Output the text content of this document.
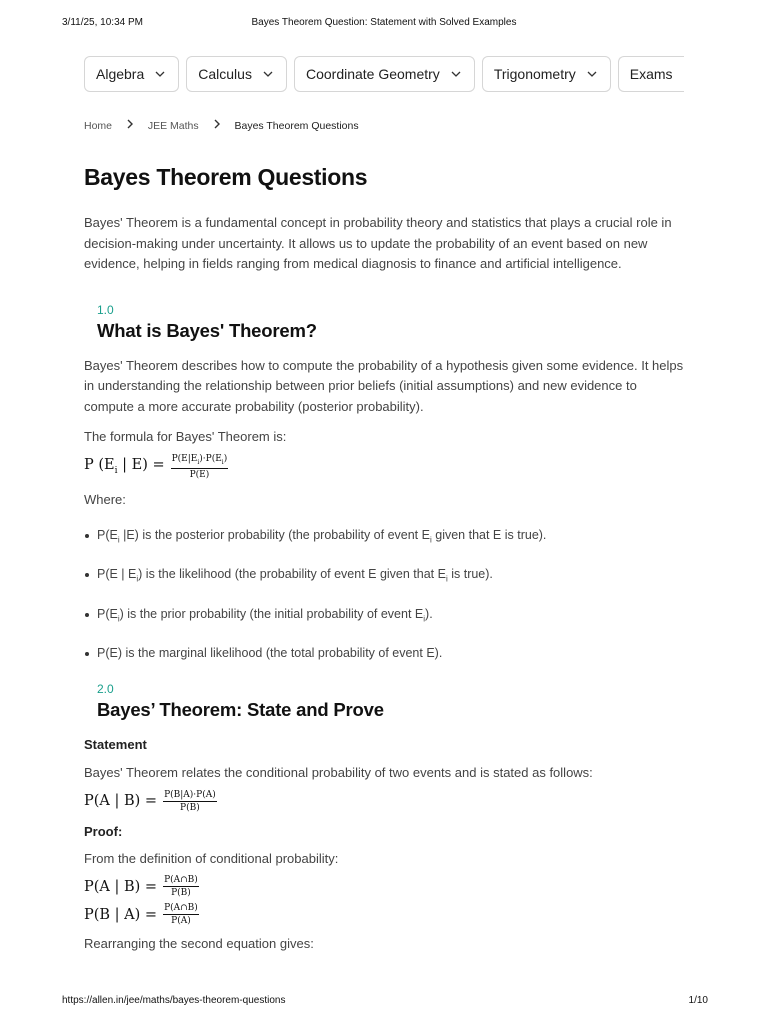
3/11/25, 10:34 PM	Bayes Theorem Question: Statement with Solved Examples
Algebra	Calculus	Coordinate Geometry	Trigonometry	Exams
Home	JEE Maths	Bayes Theorem Questions
Bayes Theorem Questions

Bayes' Theorem is a fundamental concept in probability theory and statistics that plays a crucial role in decision-making under uncertainty. It allows us to update the probability of an event based on new evidence, helping in fields ranging from medical diagnosis to finance and artificial intelligence.

1.0
What is Bayes' Theorem?

Bayes' Theorem describes how to compute the probability of a hypothesis given some evidence. It helps in understanding the relationship between prior beliefs (initial assumptions) and new evidence to compute a more accurate probability (posterior probability).

The formula for Bayes' Theorem is:

P ($E_i$ | $E) = \frac{P(E|E_i)\cdot P(E_i)}{P(E)}$

Where:

$P(E_i$ |E) is the posterior probability (the probability of event $E_i$ given that E is true).
P(E | $E_i$) is the likelihood (the probability of event E given that $E_i$ is true).
$P(E_i)$ is the prior probability (the initial probability of event $E_i$).
P(E) is the marginal likelihood (the total probability of event E).
2.0
Bayes’ Theorem: State and Prove
Statement

Bayes' Theorem relates the conditional probability of two events and is stated as follows:

P(A | $B) = \frac{P(B|A)\cdot P(A)}{P(B)}$
Proof:

From the definition of conditional probability:

P(A | $B) = \frac{P(A\cap B)}{P(B)}$
P(B | $A) = \frac{P(A\cap B)}{P(A)}$

Rearranging the second equation gives:

https://allen.in/jee/maths/bayes-theorem-questions	1/10
